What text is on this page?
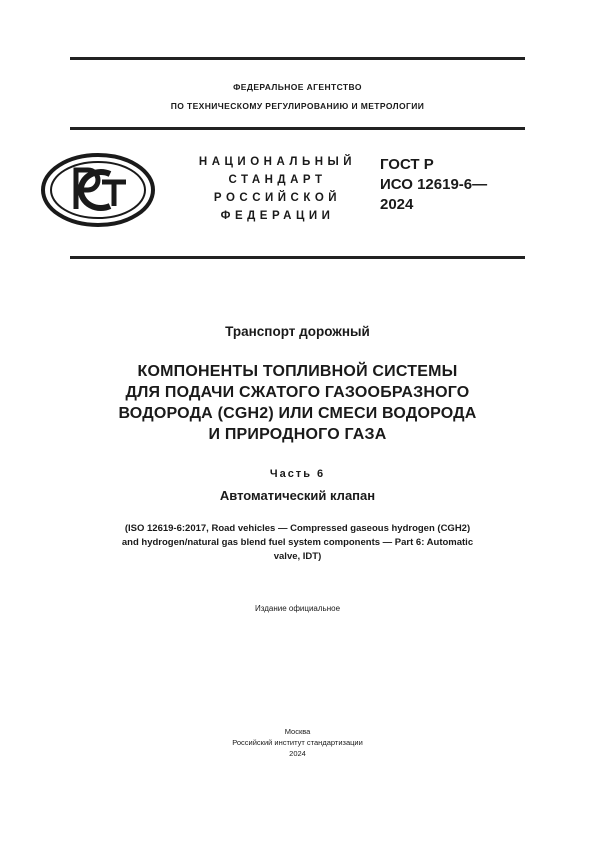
ФЕДЕРАЛЬНОЕ АГЕНТСТВО
ПО ТЕХНИЧЕСКОМУ РЕГУЛИРОВАНИЮ И МЕТРОЛОГИИ
НАЦИОНАЛЬНЫЙ
СТАНДАРТ
РОССИЙСКОЙ
ФЕДЕРАЦИИ
ГОСТ Р
ИСО 12619-6—
2024
Транспорт дорожный
КОМПОНЕНТЫ ТОПЛИВНОЙ СИСТЕМЫ
ДЛЯ ПОДАЧИ СЖАТОГО ГАЗООБРАЗНОГО
ВОДОРОДА (CGH2) ИЛИ СМЕСИ ВОДОРОДА
И ПРИРОДНОГО ГАЗА
Часть 6
Автоматический клапан
(ISO 12619-6:2017, Road vehicles — Compressed gaseous hydrogen (CGH2)
and hydrogen/natural gas blend fuel system components — Part 6: Automatic
valve, IDT)
Издание официальное
Москва
Российский институт стандартизации
2024
